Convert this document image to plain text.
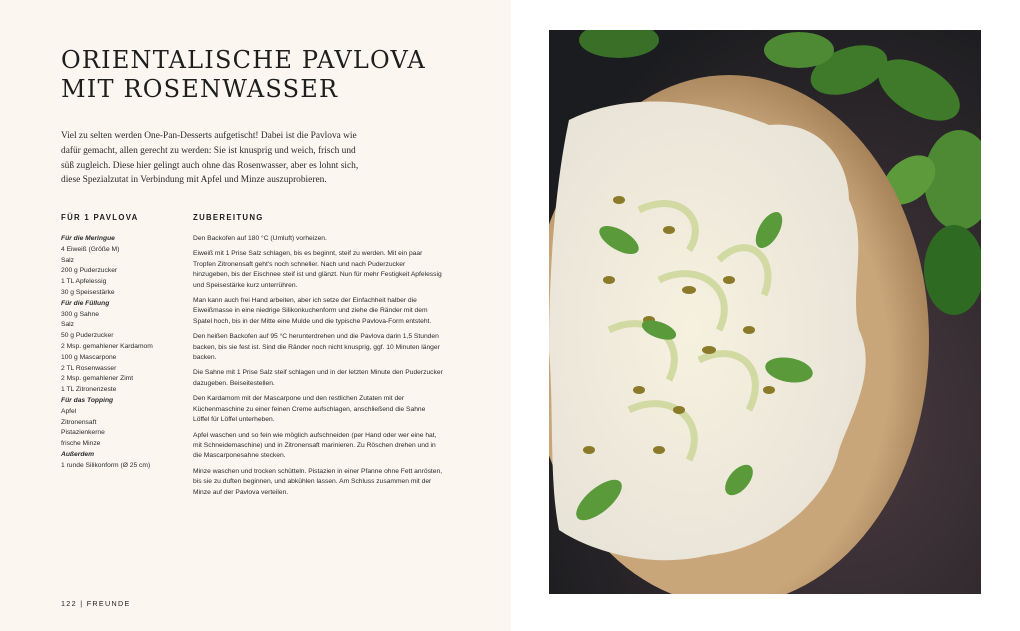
ORIENTALISCHE PAVLOVA
MIT ROSENWASSER

Viel zu selten werden One-Pan-Desserts aufgetischt! Dabei ist die Pavlova wie dafür gemacht, allen gerecht zu werden: Sie ist knusprig und weich, frisch und süß zugleich. Diese hier gelingt auch ohne das Rosenwasser, aber es lohnt sich, diese Spezialzutat in Verbindung mit Apfel und Minze auszuprobieren.

FÜR 1 PAVLOVA

Für die Meringue

4 Eiweiß (Größe M)

Salz

200 g Puderzucker

1 TL Apfelessig

30 g Speisestärke

Für die Füllung

300 g Sahne

Salz

50 g Puderzucker

2 Msp. gemahlener Kardamom

100 g Mascarpone

2 TL Rosenwasser

2 Msp. gemahlener Zimt

1 TL Zitronenzeste

Für das Topping

Apfel

Zitronensaft

Pistazienkerne

frische Minze

Außerdem

1 runde Silikonform (Ø 25 cm)

ZUBEREITUNG

Den Backofen auf 180 °C (Umluft) vorheizen.

Eiweiß mit 1 Prise Salz schlagen, bis es beginnt, steif zu werden. Mit ein paar Tropfen Zitronensaft geht's noch schneller. Nach und nach Puderzucker hinzugeben, bis der Eischnee steif ist und glänzt. Nun für mehr Festigkeit Apfelessig und Speisestärke kurz unterrühren.

Man kann auch frei Hand arbeiten, aber ich setze der Einfachheit halber die Eiweißmasse in eine niedrige Silikonkuchenform und ziehe die Ränder mit dem Spatel hoch, bis in der Mitte eine Mulde und die typische Pavlova-Form entsteht.

Den heißen Backofen auf 95 °C herunterdrehen und die Pavlova darin 1,5 Stunden backen, bis sie fest ist. Sind die Ränder noch nicht knusprig, ggf. 10 Minuten länger backen.

Die Sahne mit 1 Prise Salz steif schlagen und in der letzten Minute den Puderzucker dazugeben. Beiseitestellen.

Den Kardamom mit der Mascarpone und den restlichen Zutaten mit der Küchenmaschine zu einer feinen Creme aufschlagen, anschließend die Sahne Löffel für Löffel unterheben.

Apfel waschen und so fein wie möglich aufschneiden (per Hand oder wer eine hat, mit Schneidemaschine) und in Zitronensaft marinieren. Zu Röschen drehen und in die Mascarponesahne stecken.

Minze waschen und trocken schütteln. Pistazien in einer Pfanne ohne Fett anrösten, bis sie zu duften beginnen, und abkühlen lassen. Am Schluss zusammen mit der Minze auf der Pavlova verteilen.

122 | FREUNDE
